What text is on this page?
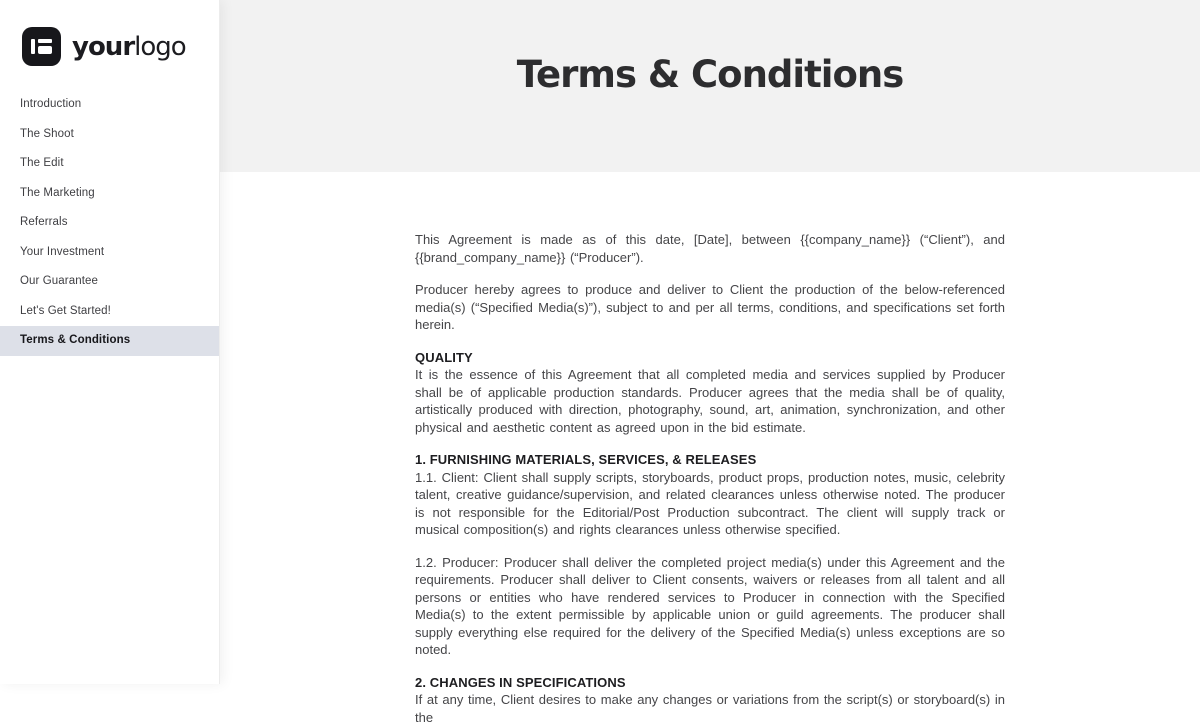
yourlogo
Introduction
The Shoot
The Edit
The Marketing
Referrals
Your Investment
Our Guarantee
Let's Get Started!
Terms & Conditions
Terms & Conditions

This Agreement is made as of this date, [Date], between {{company_name}} (“Client”), and {{brand_company_name}} (“Producer”).

Producer hereby agrees to produce and deliver to Client the production of the below-referenced media(s) (“Specified Media(s)”), subject to and per all terms, conditions, and specifications set forth herein.

QUALITY

It is the essence of this Agreement that all completed media and services supplied by Producer shall be of applicable production standards. Producer agrees that the media shall be of quality, artistically produced with direction, photography, sound, art, animation, synchronization, and other physical and aesthetic content as agreed upon in the bid estimate.

1. FURNISHING MATERIALS, SERVICES, & RELEASES

1.1. Client: Client shall supply scripts, storyboards, product props, production notes, music, celebrity talent, creative guidance/supervision, and related clearances unless otherwise noted. The producer is not responsible for the Editorial/Post Production subcontract. The client will supply track or musical composition(s) and rights clearances unless otherwise specified.

1.2. Producer: Producer shall deliver the completed project media(s) under this Agreement and the requirements. Producer shall deliver to Client consents, waivers or releases from all talent and all persons or entities who have rendered services to Producer in connection with the Specified Media(s) to the extent permissible by applicable union or guild agreements. The producer shall supply everything else required for the delivery of the Specified Media(s) unless exceptions are so noted.

2. CHANGES IN SPECIFICATIONS

If at any time, Client desires to make any changes or variations from the script(s) or storyboard(s) in the
